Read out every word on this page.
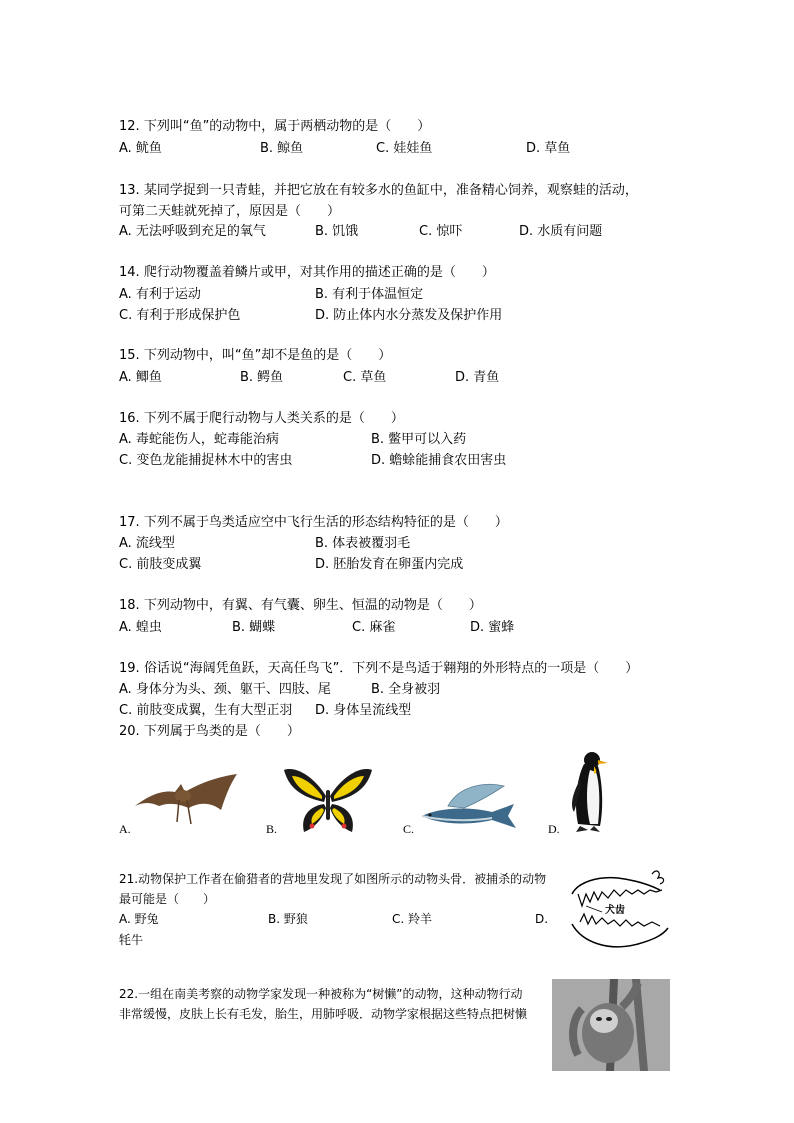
12. 下列叫“鱼”的动物中，属于两栖动物的是（　　）
A. 鱿鱼	B. 鲸鱼	C. 娃娃鱼	D. 草鱼
13. 某同学捉到一只青蛙，并把它放在有较多水的鱼缸中，准备精心饲养，观察蛙的活动，
可第二天蛙就死掉了，原因是（　　）
A. 无法呼吸到充足的氧气	B. 饥饿	C. 惊吓	D. 水质有问题
14. 爬行动物覆盖着鳞片或甲，对其作用的描述正确的是（　　）
A. 有利于运动	B. 有利于体温恒定
C. 有利于形成保护色	D. 防止体内水分蒸发及保护作用
15. 下列动物中，叫“鱼”却不是鱼的是（　　）
A. 鲫鱼	B. 鳄鱼	C. 草鱼	D. 青鱼
16. 下列不属于爬行动物与人类关系的是（　　）
A. 毒蛇能伤人，蛇毒能治病	B. 鳖甲可以入药
C. 变色龙能捕捉林木中的害虫	D. 蟾蜍能捕食农田害虫
17. 下列不属于鸟类适应空中飞行生活的形态结构特征的是（　　）
A. 流线型	B. 体表被覆羽毛
C. 前肢变成翼	D. 胚胎发育在卵蛋内完成
18. 下列动物中，有翼、有气囊、卵生、恒温的动物是（　　）
A. 蝗虫	B. 蝴蝶	C. 麻雀	D. 蜜蜂
19. 俗话说“海阔凭鱼跃，天高任鸟飞”．下列不是鸟适于翱翔的外形特点的一项是（　　）
A. 身体分为头、颈、躯干、四肢、尾	B. 全身被羽
C. 前肢变成翼，生有大型正羽 D. 身体呈流线型
20. 下列属于鸟类的是（　　）
A.	B.	C.	D.
21.动物保护工作者在偷猎者的营地里发现了如图所示的动物头骨．被捕杀的动物
最可能是（　　）
A. 野兔	B. 野狼	C. 羚羊	D.
牦牛
犬齿
22.一组在南美考察的动物学家发现一种被称为“树懒”的动物，这种动物行动
非常缓慢，皮肤上长有毛发，胎生，用肺呼吸．动物学家根据这些特点把树懒
